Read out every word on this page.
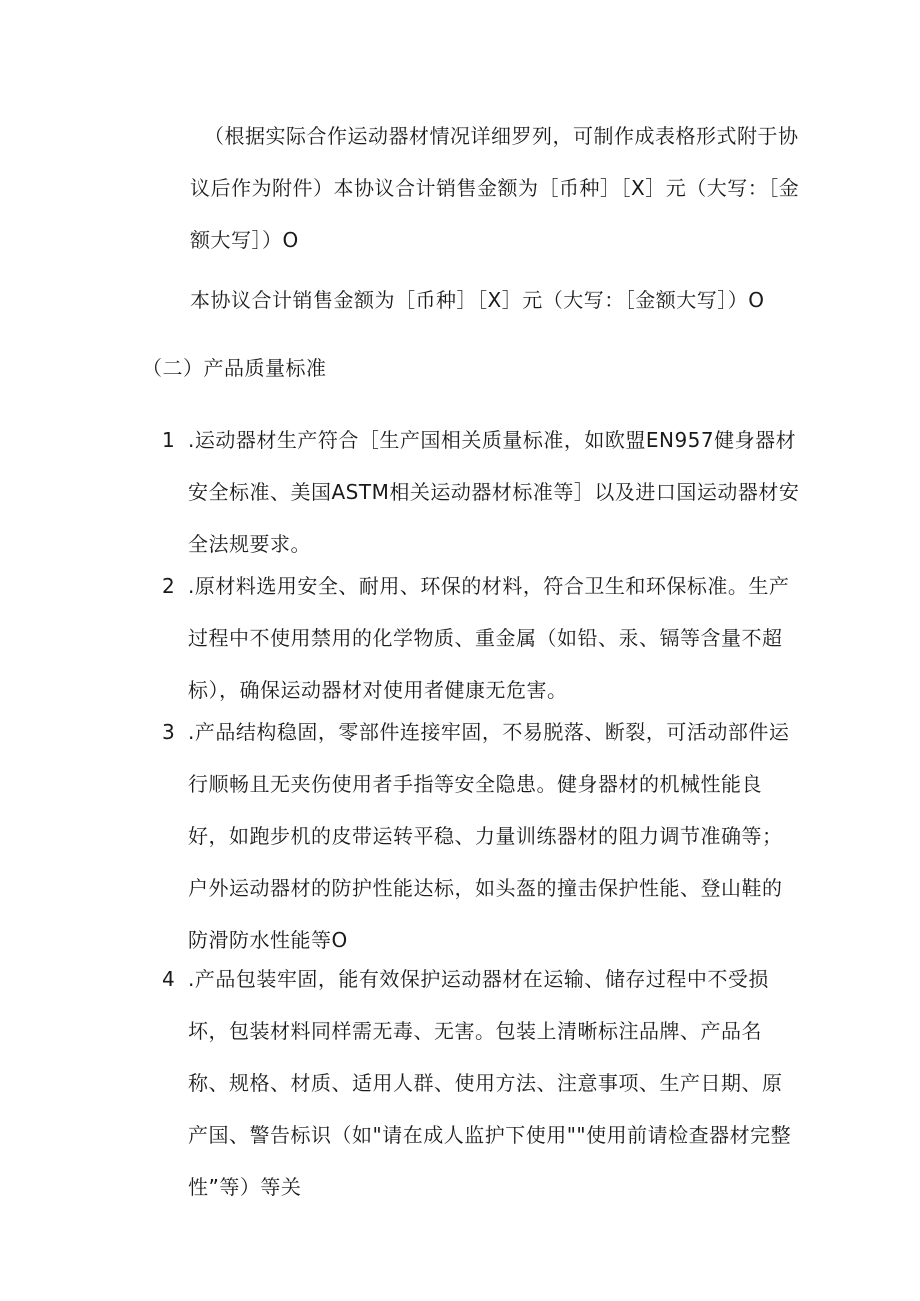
（根据实际合作运动器材情况详细罗列，可制作成表格形式附于协议后作为附件）本协议合计销售金额为［币种］［X］元（大写：［金额大写］）O

本协议合计销售金额为［币种］［X］元（大写：［金额大写］）O

（二）产品质量标准

1 .运动器材生产符合［生产国相关质量标准，如欧盟EN957健身器材安全标准、美国ASTM相关运动器材标准等］以及进口国运动器材安全法规要求。

2 .原材料选用安全、耐用、环保的材料，符合卫生和环保标准。生产过程中不使用禁用的化学物质、重金属（如铅、汞、镉等含量不超标），确保运动器材对使用者健康无危害。

3 .产品结构稳固，零部件连接牢固，不易脱落、断裂，可活动部件运行顺畅且无夹伤使用者手指等安全隐患。健身器材的机械性能良好，如跑步机的皮带运转平稳、力量训练器材的阻力调节准确等；户外运动器材的防护性能达标，如头盔的撞击保护性能、登山鞋的防滑防水性能等O

4 .产品包装牢固，能有效保护运动器材在运输、储存过程中不受损坏，包装材料同样需无毒、无害。包装上清晰标注品牌、产品名称、规格、材质、适用人群、使用方法、注意事项、生产日期、原产国、警告标识（如"请在成人监护下使用""使用前请检查器材完整性”等）等关
